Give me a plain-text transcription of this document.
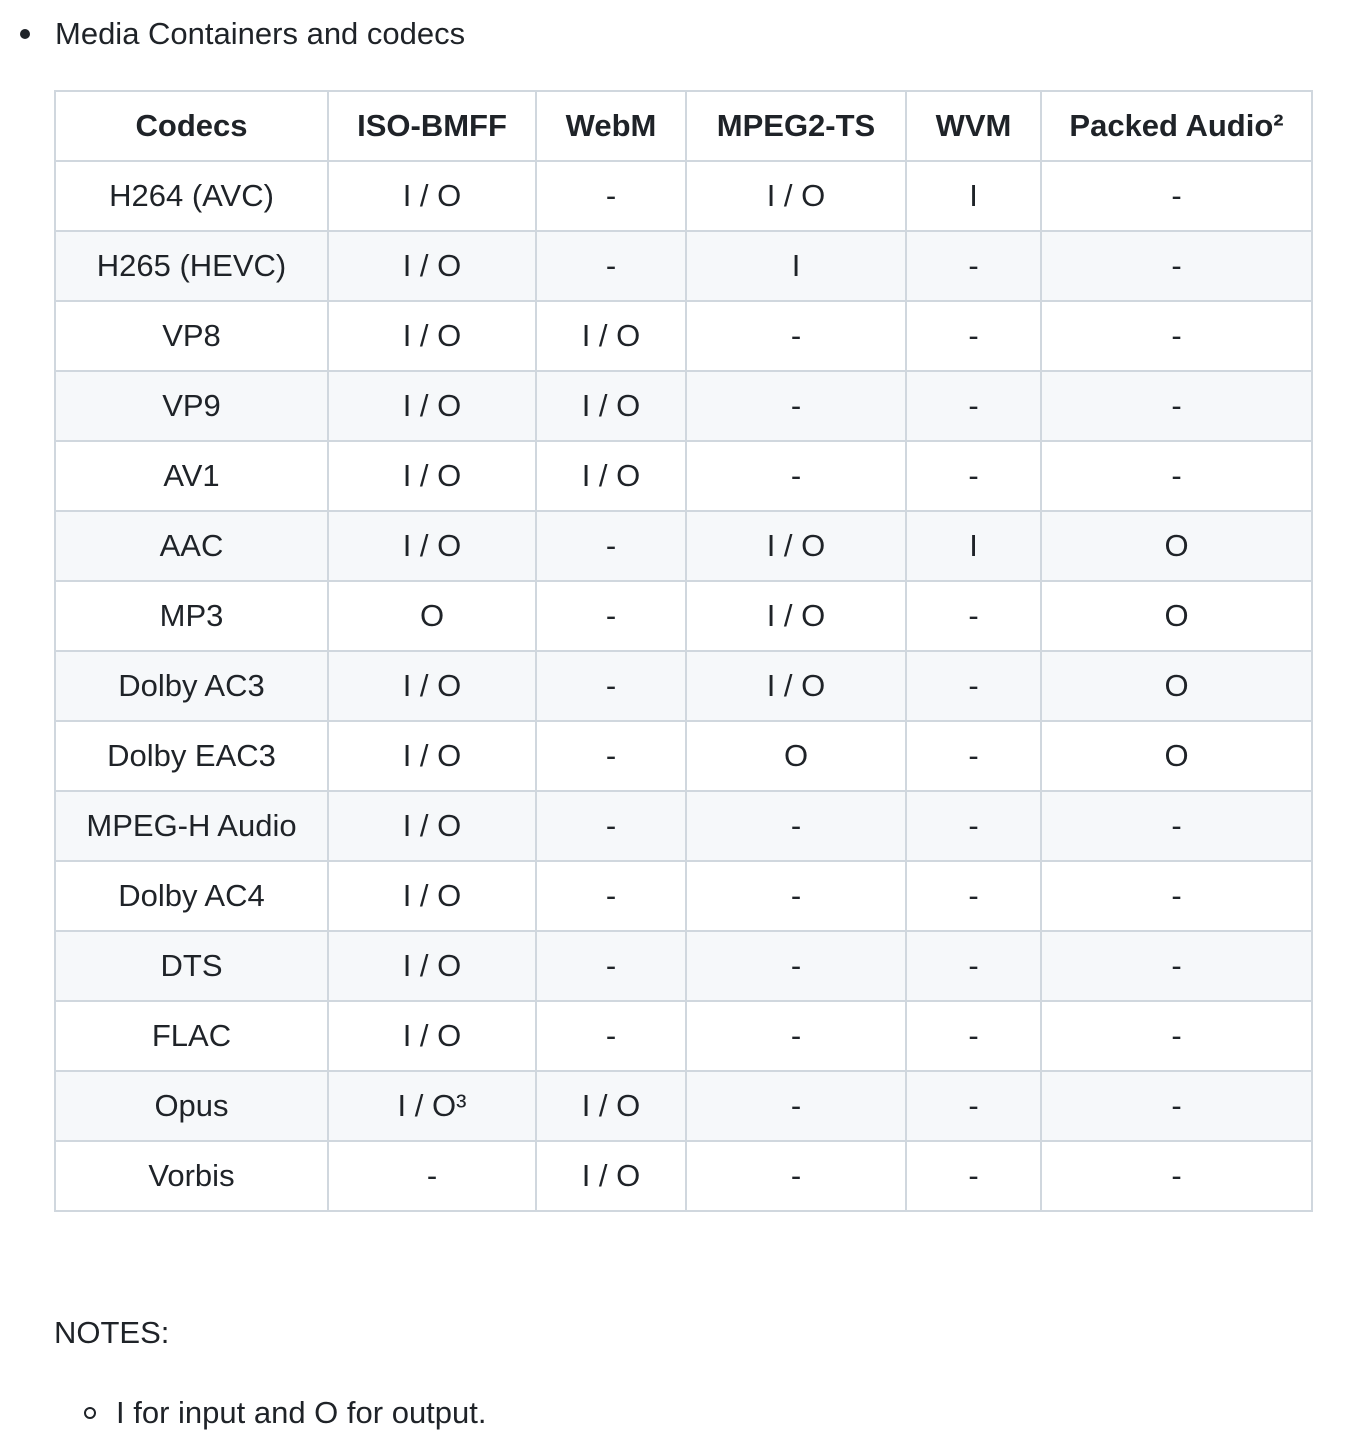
Media Containers and codecs
Codecs	ISO-BMFF	WebM	MPEG2-TS	WVM	Packed Audio²
H264 (AVC)	I / O	-	I / O	I	-
H265 (HEVC)	I / O	-	I	-	-
VP8	I / O	I / O	-	-	-
VP9	I / O	I / O	-	-	-
AV1	I / O	I / O	-	-	-
AAC	I / O	-	I / O	I	O
MP3	O	-	I / O	-	O
Dolby AC3	I / O	-	I / O	-	O
Dolby EAC3	I / O	-	O	-	O
MPEG-H Audio	I / O	-	-	-	-
Dolby AC4	I / O	-	-	-	-
DTS	I / O	-	-	-	-
FLAC	I / O	-	-	-	-
Opus	I / O³	I / O	-	-	-
Vorbis	-	I / O	-	-	-
NOTES:
I for input and O for output.
